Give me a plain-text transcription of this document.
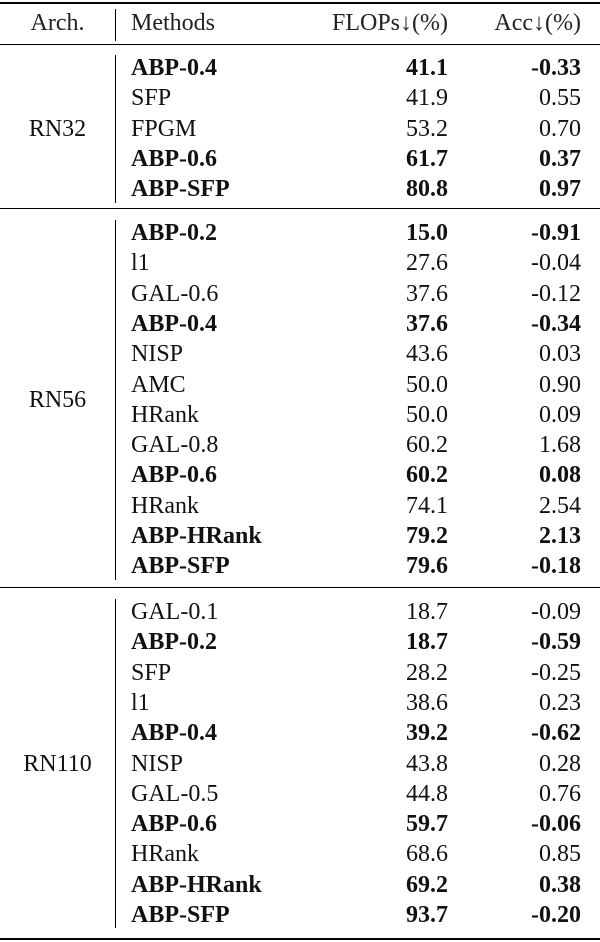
Arch.	Methods	FLOPs↓(%) Acc↓(%)
RN32
ABP-0.4	41.1	-0.33
SFP	41.9	0.55
FPGM	53.2	0.70
ABP-0.6	61.7	0.37
ABP-SFP	80.8	0.97
RN56
ABP-0.2	15.0	-0.91
l1	27.6	-0.04
GAL-0.6	37.6	-0.12
ABP-0.4	37.6	-0.34
NISP	43.6	0.03
AMC	50.0	0.90
HRank	50.0	0.09
GAL-0.8	60.2	1.68
ABP-0.6	60.2	0.08
HRank	74.1	2.54
ABP-HRank	79.2	2.13
ABP-SFP	79.6	-0.18
RN110
GAL-0.1	18.7	-0.09
ABP-0.2	18.7	-0.59
SFP	28.2	-0.25
l1	38.6	0.23
ABP-0.4	39.2	-0.62
NISP	43.8	0.28
GAL-0.5	44.8	0.76
ABP-0.6	59.7	-0.06
HRank	68.6	0.85
ABP-HRank	69.2	0.38
ABP-SFP	93.7	-0.20
